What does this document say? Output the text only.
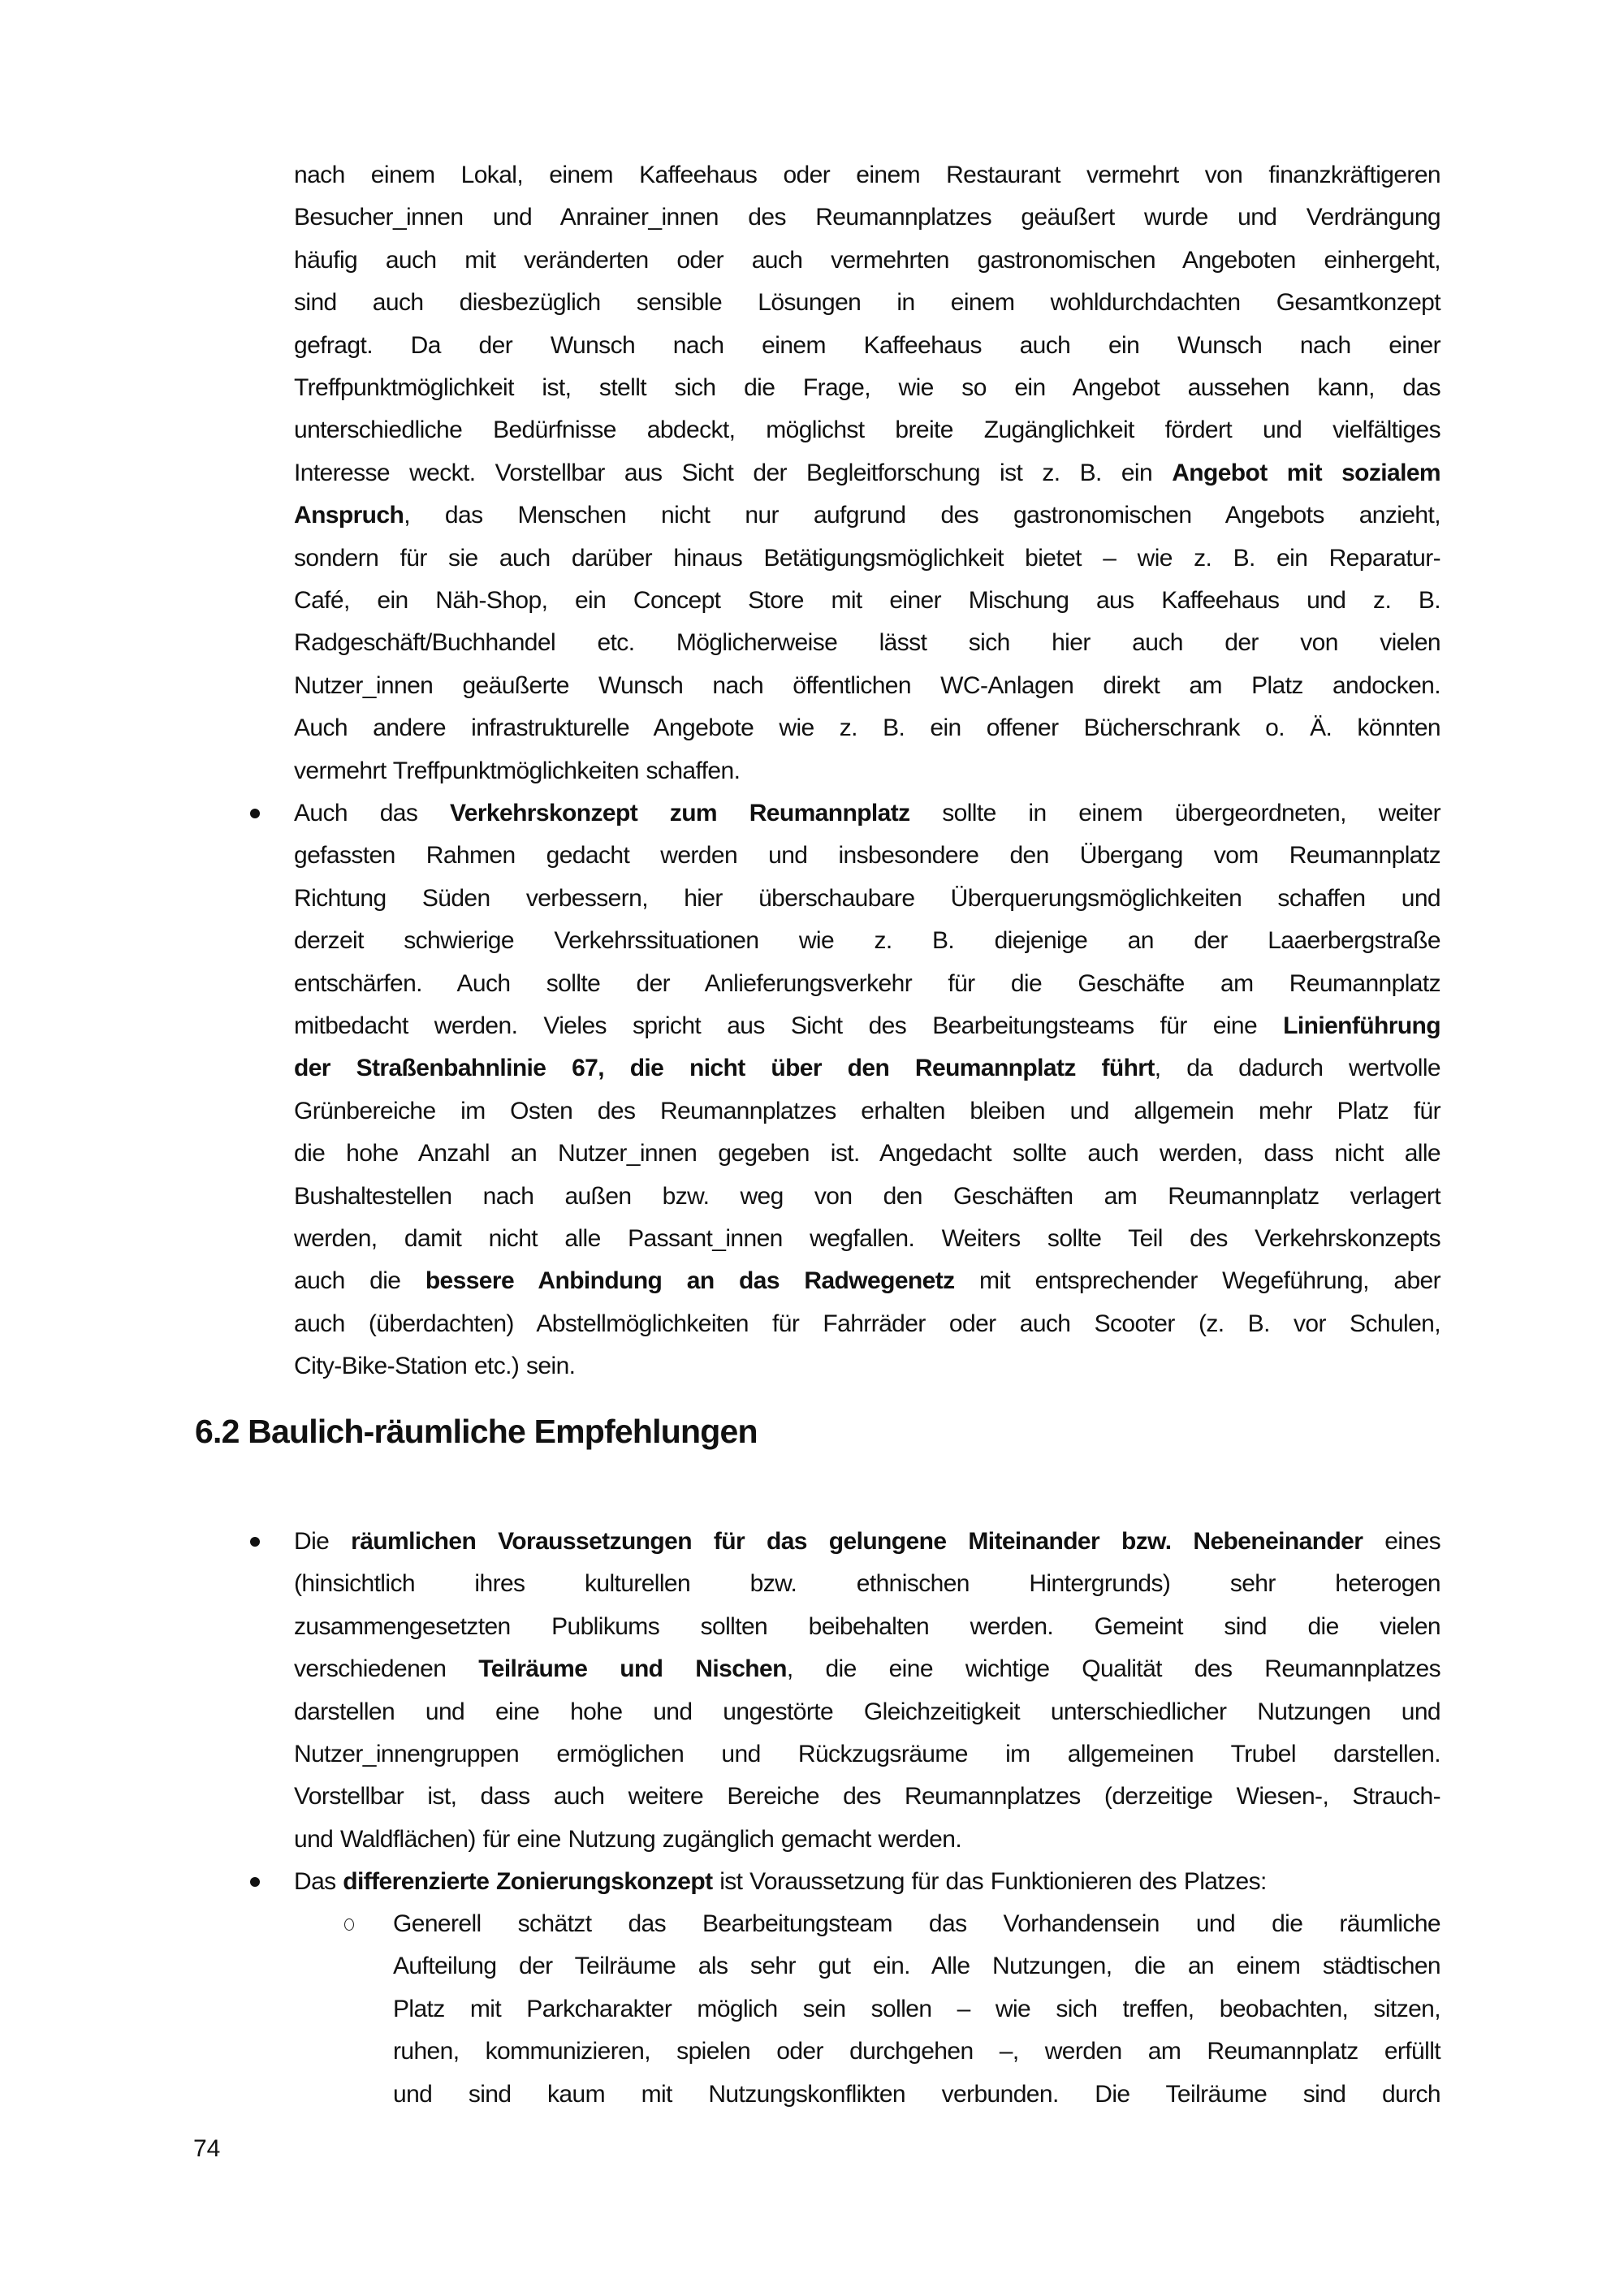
nach einem Lokal, einem Kaffeehaus oder einem Restaurant vermehrt von finanzkräftigeren
Besucher_innen und Anrainer_innen des Reumannplatzes geäußert wurde und Verdrängung
häufig auch mit veränderten oder auch vermehrten gastronomischen Angeboten einhergeht,
sind auch diesbezüglich sensible Lösungen in einem wohldurchdachten Gesamtkonzept
gefragt. Da der Wunsch nach einem Kaffeehaus auch ein Wunsch nach einer
Treffpunktmöglichkeit ist, stellt sich die Frage, wie so ein Angebot aussehen kann, das
unterschiedliche Bedürfnisse abdeckt, möglichst breite Zugänglichkeit fördert und vielfältiges
Interesse weckt. Vorstellbar aus Sicht der Begleitforschung ist z. B. ein Angebot mit sozialem
Anspruch, das Menschen nicht nur aufgrund des gastronomischen Angebots anzieht,
sondern für sie auch darüber hinaus Betätigungsmöglichkeit bietet – wie z. B. ein Reparatur-
Café, ein Näh-Shop, ein Concept Store mit einer Mischung aus Kaffeehaus und z. B.
Radgeschäft/Buchhandel etc. Möglicherweise lässt sich hier auch der von vielen
Nutzer_innen geäußerte Wunsch nach öffentlichen WC-Anlagen direkt am Platz andocken.
Auch andere infrastrukturelle Angebote wie z. B. ein offener Bücherschrank o. Ä. könnten
vermehrt Treffpunktmöglichkeiten schaffen.
Auch das Verkehrskonzept zum Reumannplatz sollte in einem übergeordneten, weiter
gefassten Rahmen gedacht werden und insbesondere den Übergang vom Reumannplatz
Richtung Süden verbessern, hier überschaubare Überquerungsmöglichkeiten schaffen und
derzeit schwierige Verkehrssituationen wie z. B. diejenige an der Laaerbergstraße
entschärfen. Auch sollte der Anlieferungsverkehr für die Geschäfte am Reumannplatz
mitbedacht werden. Vieles spricht aus Sicht des Bearbeitungsteams für eine Linienführung
der Straßenbahnlinie 67, die nicht über den Reumannplatz führt, da dadurch wertvolle
Grünbereiche im Osten des Reumannplatzes erhalten bleiben und allgemein mehr Platz für
die hohe Anzahl an Nutzer_innen gegeben ist. Angedacht sollte auch werden, dass nicht alle
Bushaltestellen nach außen bzw. weg von den Geschäften am Reumannplatz verlagert
werden, damit nicht alle Passant_innen wegfallen. Weiters sollte Teil des Verkehrskonzepts
auch die bessere Anbindung an das Radwegenetz mit entsprechender Wegeführung, aber
auch (überdachten) Abstellmöglichkeiten für Fahrräder oder auch Scooter (z. B. vor Schulen,
City-Bike-Station etc.) sein.
6.2 Baulich-räumliche Empfehlungen
Die räumlichen Voraussetzungen für das gelungene Miteinander bzw. Nebeneinander eines
(hinsichtlich ihres kulturellen bzw. ethnischen Hintergrunds) sehr heterogen
zusammengesetzten Publikums sollten beibehalten werden. Gemeint sind die vielen
verschiedenen Teilräume und Nischen, die eine wichtige Qualität des Reumannplatzes
darstellen und eine hohe und ungestörte Gleichzeitigkeit unterschiedlicher Nutzungen und
Nutzer_innengruppen ermöglichen und Rückzugsräume im allgemeinen Trubel darstellen.
Vorstellbar ist, dass auch weitere Bereiche des Reumannplatzes (derzeitige Wiesen-, Strauch-
und Waldflächen) für eine Nutzung zugänglich gemacht werden.
Das differenzierte Zonierungskonzept ist Voraussetzung für das Funktionieren des Platzes:
Generell schätzt das Bearbeitungsteam das Vorhandensein und die räumliche
Aufteilung der Teilräume als sehr gut ein. Alle Nutzungen, die an einem städtischen
Platz mit Parkcharakter möglich sein sollen – wie sich treffen, beobachten, sitzen,
ruhen, kommunizieren, spielen oder durchgehen –, werden am Reumannplatz erfüllt
und sind kaum mit Nutzungskonflikten verbunden. Die Teilräume sind durch
74
